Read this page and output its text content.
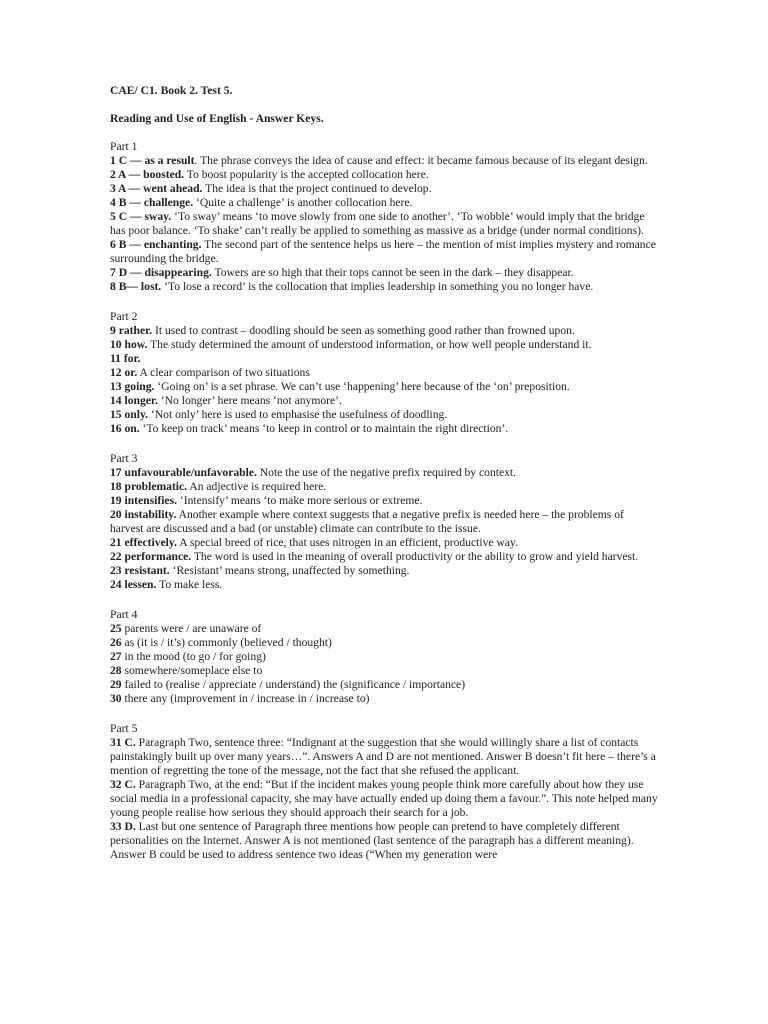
CAE/ C1. Book 2. Test 5.

Reading and Use of English - Answer Keys.

Part 1

1 C — as a result. The phrase conveys the idea of cause and effect: it became famous because of its elegant design.

2 A — boosted. To boost popularity is the accepted collocation here.

3 A — went ahead. The idea is that the project continued to develop.

4 B — challenge. ‘Quite a challenge’ is another collocation here.

5 C — sway. ‘To sway’ means ‘to move slowly from one side to another’. ‘To wobble’ would imply that the bridge has poor balance. ‘To shake’ can’t really be applied to something as massive as a bridge (under normal conditions).

6 B — enchanting. The second part of the sentence helps us here – the mention of mist implies mystery and romance surrounding the bridge.

7 D — disappearing. Towers are so high that their tops cannot be seen in the dark – they disappear.

8 B— lost. ‘To lose a record’ is the collocation that implies leadership in something you no longer have.

Part 2

9 rather. It used to contrast – doodling should be seen as something good rather than frowned upon.

10 how. The study determined the amount of understood information, or how well people understand it.

11 for.

12 or. A clear comparison of two situations

13 going. ‘Going on’ is a set phrase. We can’t use ‘happening’ here because of the ‘on’ preposition.

14 longer. ‘No longer’ here means ‘not anymore’.

15 only. ‘Not only’ here is used to emphasise the usefulness of doodling.

16 on. ‘To keep on track’ means ‘to keep in control or to maintain the right direction’.

Part 3

17 unfavourable/unfavorable. Note the use of the negative prefix required by context.

18 problematic. An adjective is required here.

19 intensifies. ‘Intensify’ means ‘to make more serious or extreme.

20 instability. Another example where context suggests that a negative prefix is needed here – the problems of harvest are discussed and a bad (or unstable) climate can contribute to the issue.

21 effectively. A special breed of rice, that uses nitrogen in an efficient, productive way.

22 performance. The word is used in the meaning of overall productivity or the ability to grow and yield harvest.

23 resistant. ‘Resistant’ means strong, unaffected by something.

24 lessen. To make less.

Part 4

25 parents were / are unaware of

26 as (it is / it’s) commonly (believed / thought)

27 in the mood (to go / for going)

28 somewhere/someplace else to

29 failed to (realise / appreciate / understand) the (significance / importance)

30 there any (improvement in / increase in / increase to)

Part 5

31 C. Paragraph Two, sentence three: “Indignant at the suggestion that she would willingly share a list of contacts painstakingly built up over many years…”. Answers A and D are not mentioned. Answer B doesn’t fit here – there’s a mention of regretting the tone of the message, not the fact that she refused the applicant.

32 C. Paragraph Two, at the end: “But if the incident makes young people think more carefully about how they use social media in a professional capacity, she may have actually ended up doing them a favour.”. This note helped many young people realise how serious they should approach their search for a job.

33 D. Last but one sentence of Paragraph three mentions how people can pretend to have completely different personalities on the Internet. Answer A is not mentioned (last sentence of the paragraph has a different meaning). Answer B could be used to address sentence two ideas (“When my generation were
